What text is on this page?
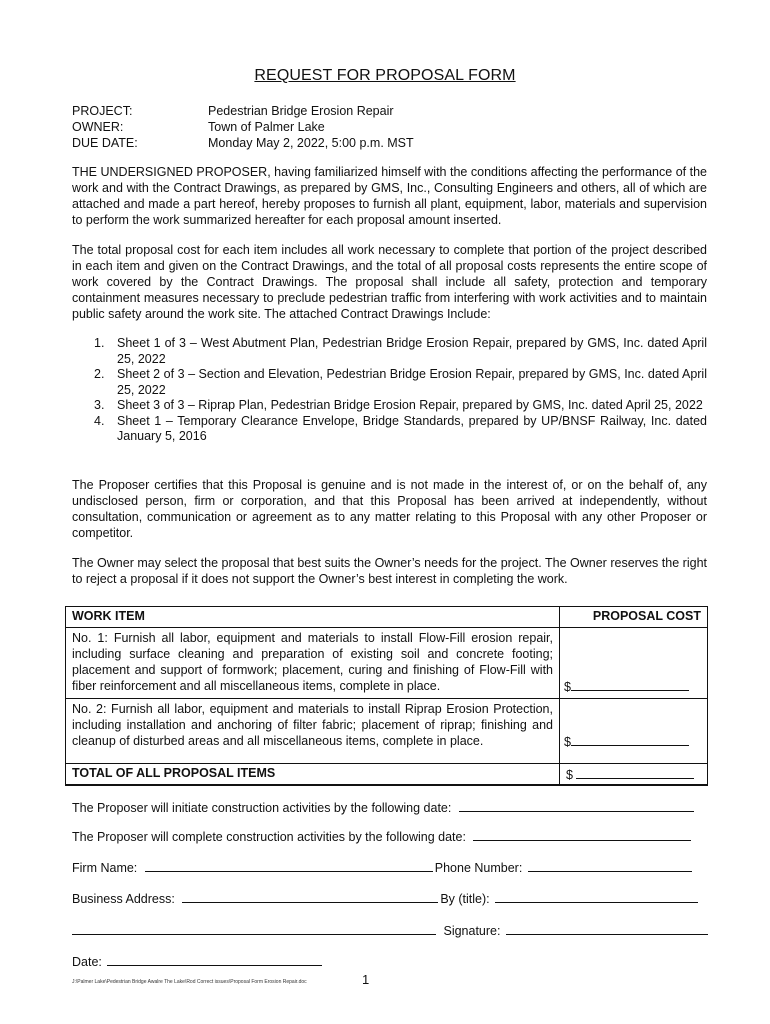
REQUEST FOR PROPOSAL FORM
PROJECT:	Pedestrian Bridge Erosion Repair
OWNER:	Town of Palmer Lake
DUE DATE:	Monday May 2, 2022, 5:00 p.m. MST

THE UNDERSIGNED PROPOSER, having familiarized himself with the conditions affecting the performance of the work and with the Contract Drawings, as prepared by GMS, Inc., Consulting Engineers and others, all of which are attached and made a part hereof, hereby proposes to furnish all plant, equipment, labor, materials and supervision to perform the work summarized hereafter for each proposal amount inserted.

The total proposal cost for each item includes all work necessary to complete that portion of the project described in each item and given on the Contract Drawings, and the total of all proposal costs represents the entire scope of work covered by the Contract Drawings. The proposal shall include all safety, protection and temporary containment measures necessary to preclude pedestrian traffic from interfering with work activities and to maintain public safety around the work site. The attached Contract Drawings Include:

1.	Sheet 1 of 3 – West Abutment Plan, Pedestrian Bridge Erosion Repair, prepared by GMS, Inc. dated April 25, 2022
2.	Sheet 2 of 3 – Section and Elevation, Pedestrian Bridge Erosion Repair, prepared by GMS, Inc. dated April 25, 2022
3.	Sheet 3 of 3 – Riprap Plan, Pedestrian Bridge Erosion Repair, prepared by GMS, Inc. dated April 25, 2022
4.	Sheet 1 – Temporary Clearance Envelope, Bridge Standards, prepared by UP/BNSF Railway, Inc. dated January 5, 2016

The Proposer certifies that this Proposal is genuine and is not made in the interest of, or on the behalf of, any undisclosed person, firm or corporation, and that this Proposal has been arrived at independently, without consultation, communication or agreement as to any matter relating to this Proposal with any other Proposer or competitor.

The Owner may select the proposal that best suits the Owner’s needs for the project. The Owner reserves the right to reject a proposal if it does not support the Owner’s best interest in completing the work.

WORK ITEM	PROPOSAL COST
No. 1: Furnish all labor, equipment and materials to install Flow-Fill erosion repair, including surface cleaning and preparation of existing soil and concrete footing; placement and support of formwork; placement, curing and finishing of Flow-Fill with fiber reinforcement and all miscellaneous items, complete in place.	$
No. 2: Furnish all labor, equipment and materials to install Riprap Erosion Protection, including installation and anchoring of filter fabric; placement of riprap; finishing and cleanup of disturbed areas and all miscellaneous items, complete in place.	$
TOTAL OF ALL PROPOSAL ITEMS	$
The Proposer will initiate construction activities by the following date:
The Proposer will complete construction activities by the following date:
Firm Name:	Phone Number:
Business Address:	By (title):
Signature:
Date:
J:\Palmer Lake\Pedestrian Bridge Awalre The Lake\Rod Correct issues\Proposal Form Erosion Repair.doc	1
